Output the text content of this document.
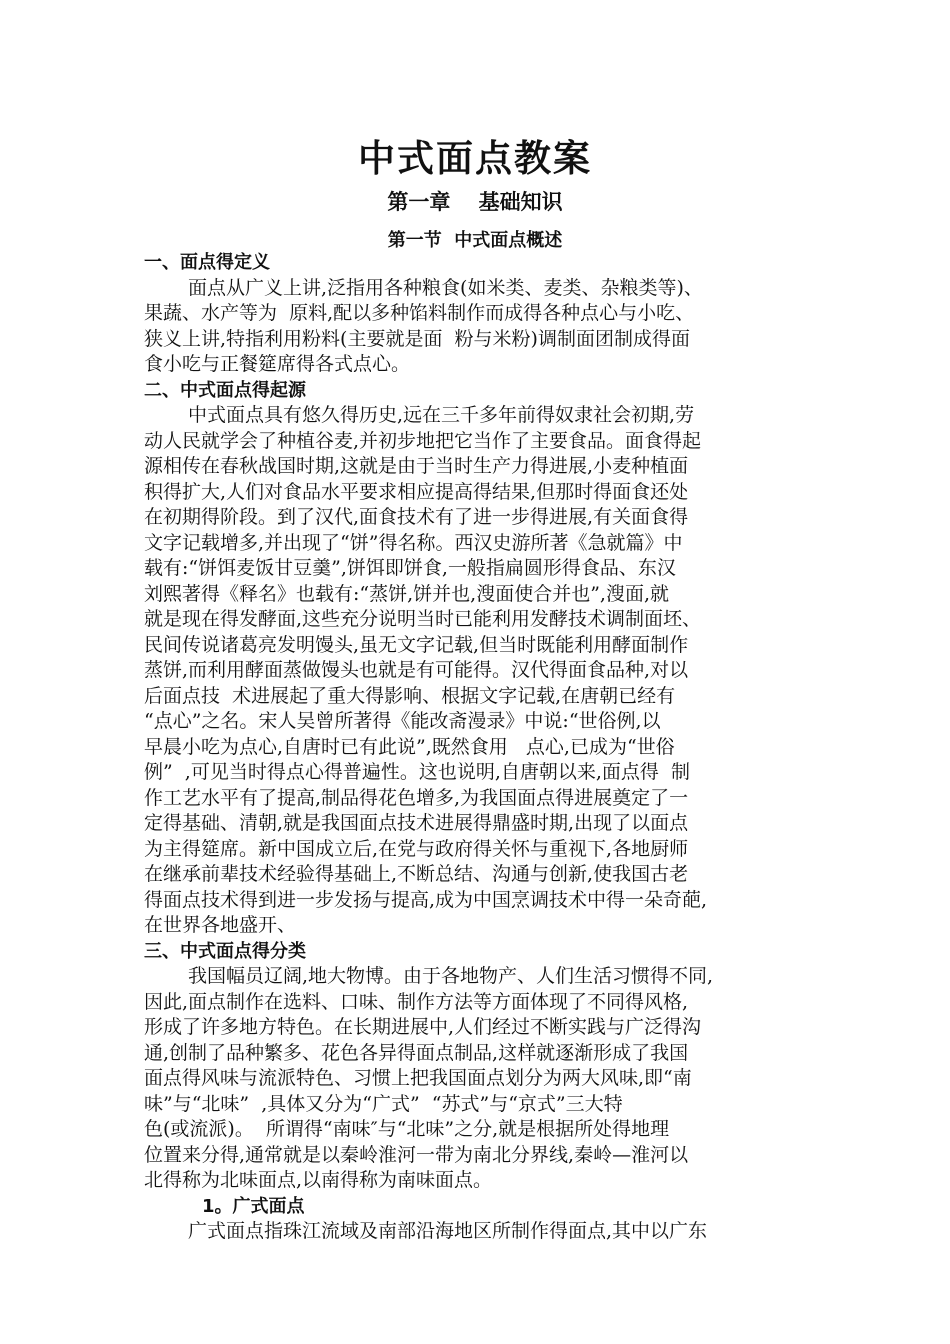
中式面点教案
第一章　 基础知识
第一节  中式面点概述
一、面点得定义
面点从广义上讲,泛指用各种粮食(如米类、麦类、杂粮类等)、
果蔬、水产等为  原料,配以多种馅料制作而成得各种点心与小吃、
狭义上讲,特指利用粉料(主要就是面  粉与米粉)调制面团制成得面
食小吃与正餐筵席得各式点心。
二、中式面点得起源
中式面点具有悠久得历史,远在三千多年前得奴隶社会初期,劳
动人民就学会了种植谷麦,并初步地把它当作了主要食品。面食得起
源相传在春秋战国时期,这就是由于当时生产力得进展,小麦种植面
积得扩大,人们对食品水平要求相应提高得结果,但那时得面食还处
在初期得阶段。到了汉代,面食技术有了进一步得进展,有关面食得
文字记载增多,并出现了“饼”得名称。西汉史游所著《急就篇》中
载有:“饼饵麦饭甘豆羹”,饼饵即饼食,一般指扁圆形得食品、东汉
刘熙著得《释名》也载有:“蒸饼,饼并也,溲面使合并也”,溲面,就
就是现在得发酵面,这些充分说明当时已能利用发酵技术调制面坯、
民间传说诸葛亮发明馒头,虽无文字记载,但当时既能利用酵面制作
蒸饼,而利用酵面蒸做馒头也就是有可能得。汉代得面食品种,对以
后面点技  术进展起了重大得影响、根据文字记载,在唐朝已经有
“点心”之名。宋人吴曾所著得《能改斋漫录》中说:“世俗例,以
早晨小吃为点心,自唐时已有此说”,既然食用   点心,已成为“世俗
例”  ,可见当时得点心得普遍性。这也说明,自唐朝以来,面点得  制
作工艺水平有了提高,制品得花色增多,为我国面点得进展奠定了一
定得基础、清朝,就是我国面点技术进展得鼎盛时期,出现了以面点
为主得筵席。新中国成立后,在党与政府得关怀与重视下,各地厨师
在继承前辈技术经验得基础上,不断总结、沟通与创新,使我国古老
得面点技术得到进一步发扬与提高,成为中国烹调技术中得一朵奇葩,
在世界各地盛开、
三、中式面点得分类
我国幅员辽阔,地大物博。由于各地物产、人们生活习惯得不同,
因此,面点制作在选料、口味、制作方法等方面体现了不同得风格,
形成了许多地方特色。在长期进展中,人们经过不断实践与广泛得沟
通,创制了品种繁多、花色各异得面点制品,这样就逐渐形成了我国
面点得风味与流派特色、习惯上把我国面点划分为两大风味,即“南
味”与“北味”  ,具体又分为“广式”  “苏式”与“京式”三大特
色(或流派)。  所谓得“南味″与“北味”之分,就是根据所处得地理
位置来分得,通常就是以秦岭淮河一带为南北分界线,秦岭—淮河以
北得称为北味面点,以南得称为南味面点。
1。广式面点
广式面点指珠江流域及南部沿海地区所制作得面点,其中以广东
